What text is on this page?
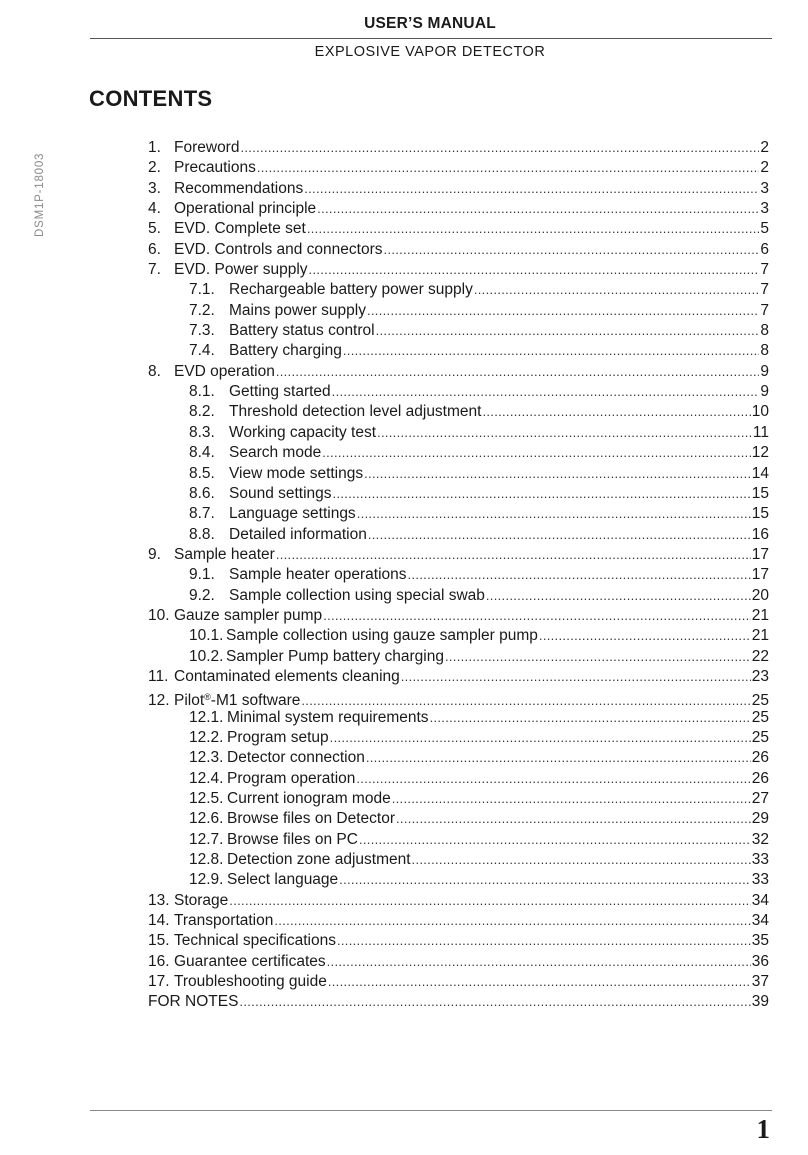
USER’S MANUAL
EXPLOSIVE VAPOR DETECTOR
CONTENTS
DSM1P-18003
1. Foreword .....	2
2. Precautions .....	2
3. Recommendations .....	3
4. Operational principle .....	3
5. EVD. Complete set .....	5
6. EVD. Controls and connectors .....	6
7. EVD. Power supply .....	7
7.1. Rechargeable battery power supply .....	7
7.2. Mains power supply .....	7
7.3. Battery status control .....	8
7.4. Battery charging .....	8
8. EVD operation .....	9
8.1. Getting started .....	9
8.2. Threshold detection level adjustment .....	10
8.3. Working capacity test .....	11
8.4. Search mode .....	12
8.5. View mode settings .....	14
8.6. Sound settings .....	15
8.7. Language settings .....	15
8.8. Detailed information .....	16
9. Sample heater .....	17
9.1. Sample heater operations .....	17
9.2. Sample collection using special swab .....	20
10. Gauze sampler pump .....	21
10.1. Sample collection using gauze sampler pump .....	21
10.2. Sampler Pump battery charging .....	22
11. Contaminated elements cleaning .....	23
12. Pilot®-M1 software .....	25
12.1. Minimal system requirements .....	25
12.2. Program setup .....	25
12.3. Detector connection .....	26
12.4. Program operation .....	26
12.5. Current ionogram mode .....	27
12.6. Browse files on Detector .....	29
12.7. Browse files on PC .....	32
12.8. Detection zone adjustment .....	33
12.9. Select language .....	33
13. Storage .....	34
14. Transportation .....	34
15. Technical specifications .....	35
16. Guarantee certificates .....	36
17. Troubleshooting guide .....	37
FOR NOTES .....	39
1
